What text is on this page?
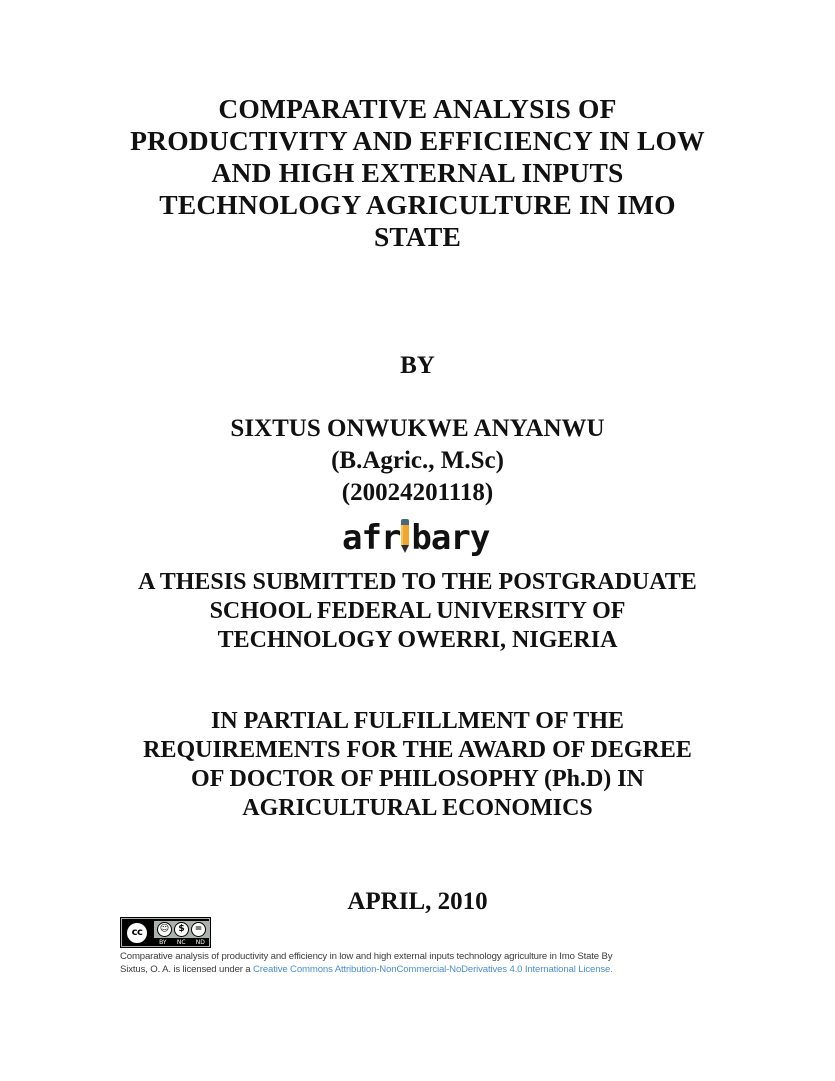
COMPARATIVE ANALYSIS OF
PRODUCTIVITY AND EFFICIENCY IN LOW
AND HIGH EXTERNAL INPUTS
TECHNOLOGY AGRICULTURE IN IMO
STATE
BY
SIXTUS ONWUKWE ANYANWU
(B.Agric., M.Sc)
(20024201118)
afr bary
A THESIS SUBMITTED TO THE POSTGRADUATE
SCHOOL FEDERAL UNIVERSITY OF
TECHNOLOGY OWERRI, NIGERIA
IN PARTIAL FULFILLMENT OF THE
REQUIREMENTS FOR THE AWARD OF DEGREE
OF DOCTOR OF PHILOSOPHY (Ph.D) IN
AGRICULTURAL ECONOMICS
APRIL, 2010
cc	☺	$	=
BY NC ND
Comparative analysis of productivity and efficiency in low and high external inputs technology agriculture in Imo State By
Sixtus, O. A. is licensed under a Creative Commons Attribution-NonCommercial-NoDerivatives 4.0 International License.
